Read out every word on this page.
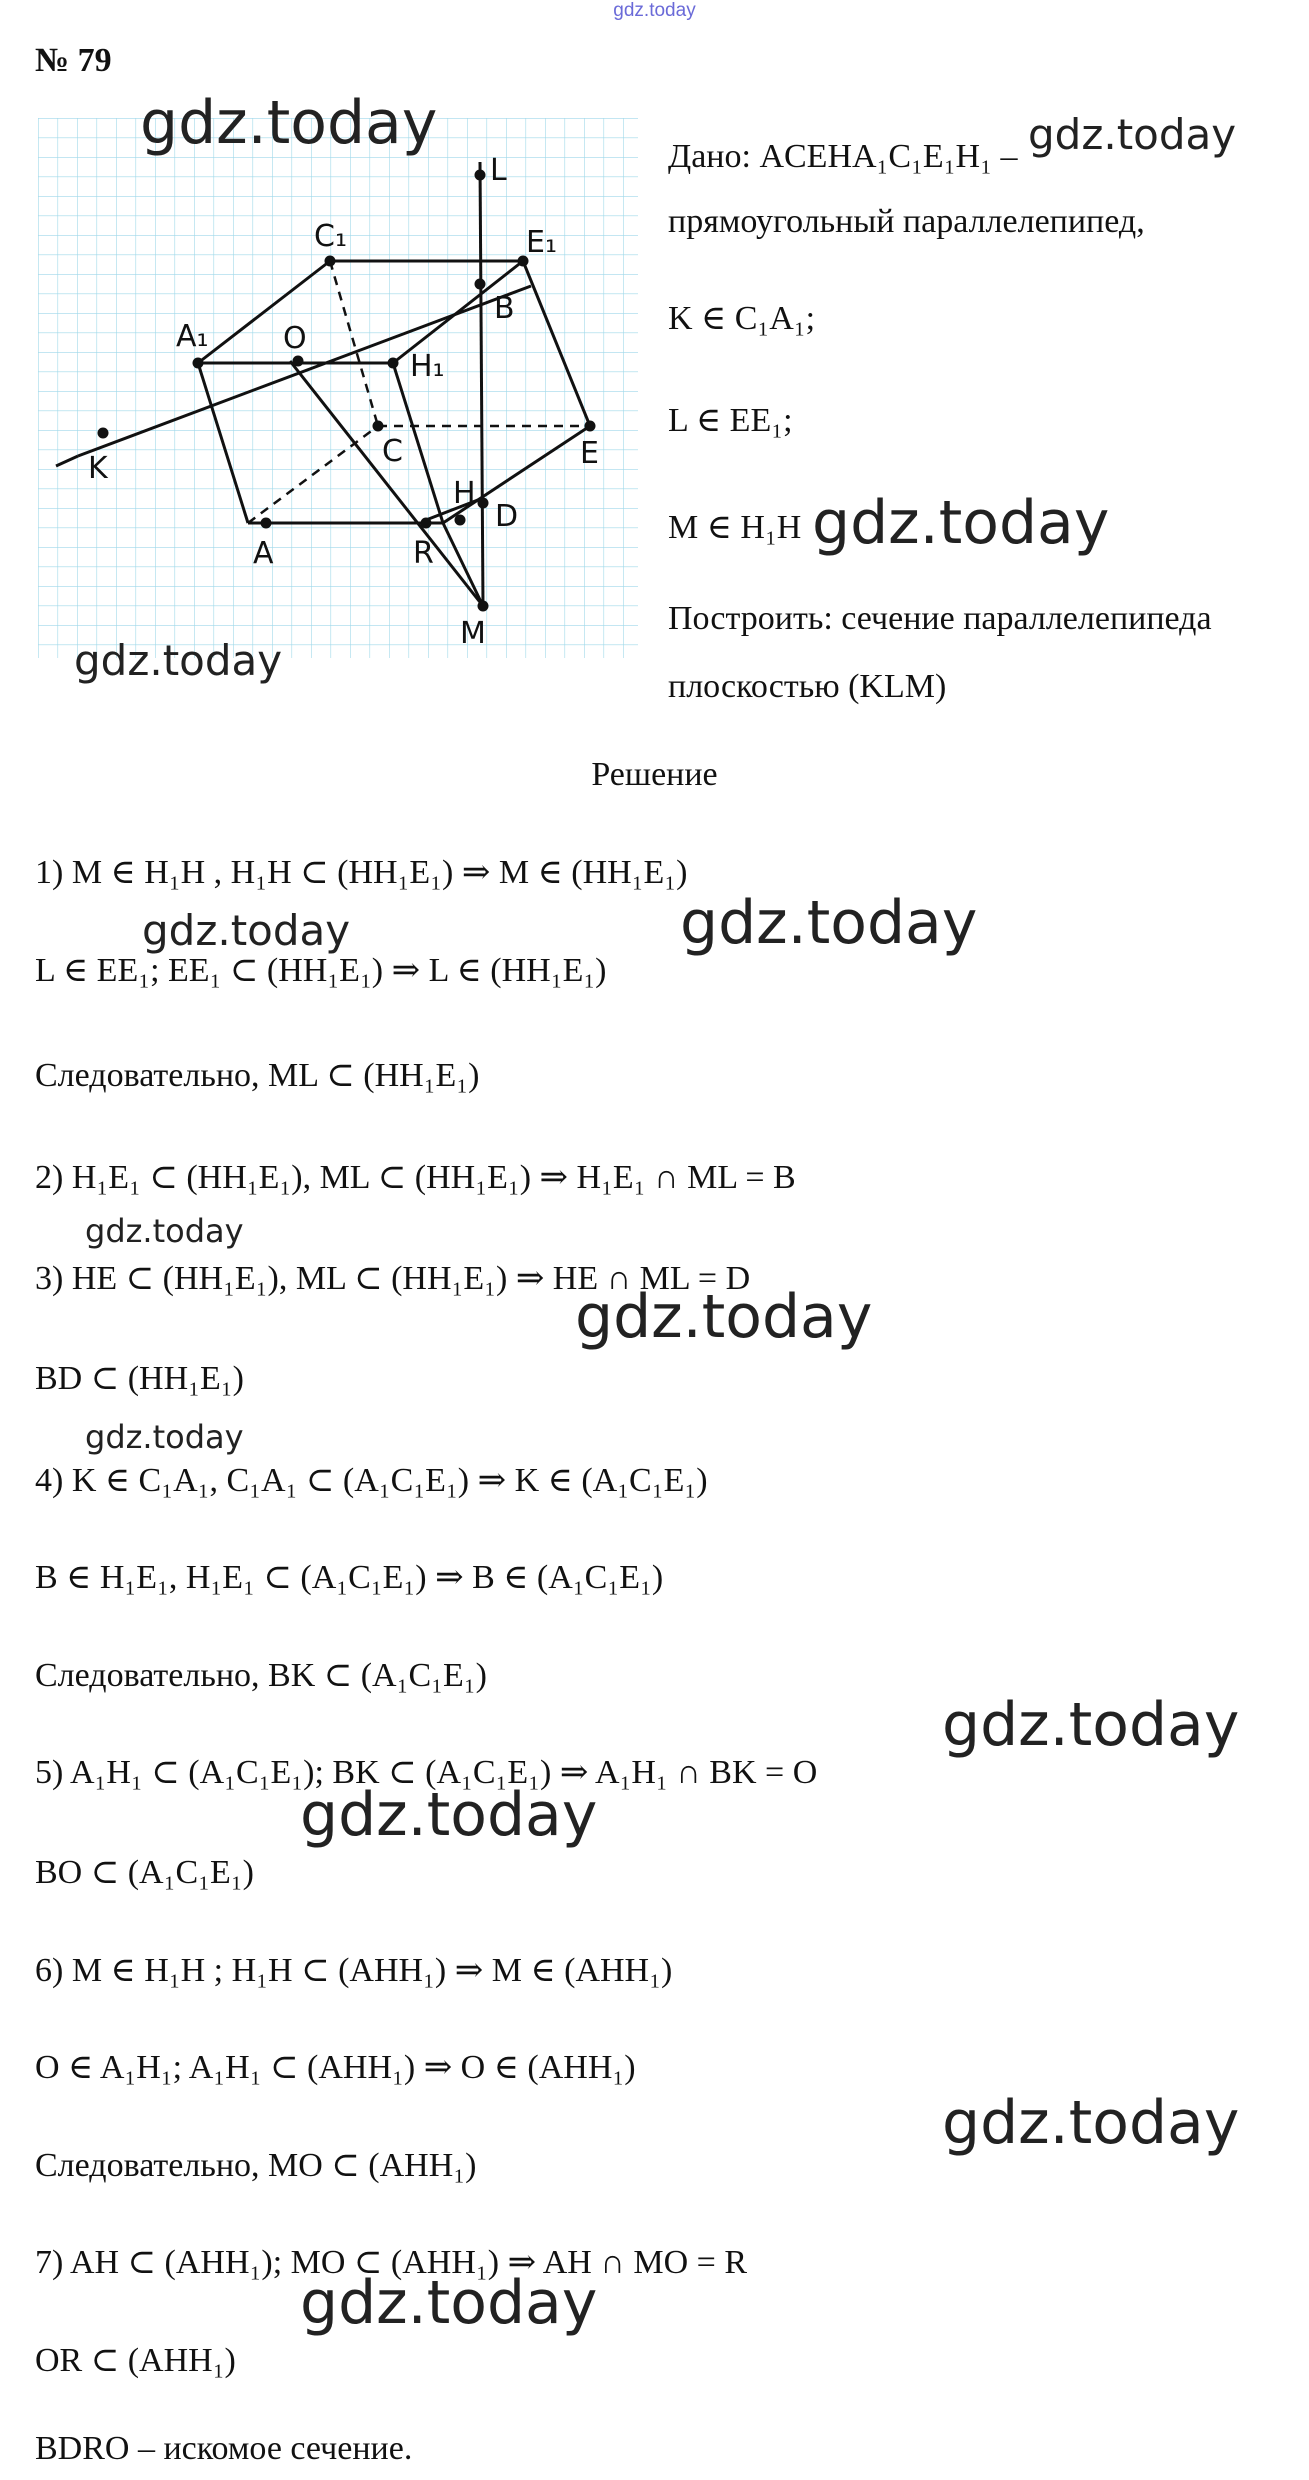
gdz.today
№ 79
L
C₁	E₁
B
A₁ O
H₁
K	C	E
H
D
A	R
M
Дано: ACEHA₁C₁E₁H₁ –
прямоугольный параллелепипед,
K ∈ C₁A₁;
L ∈ EE₁;
M ∈ H₁H
Построить: сечение параллелепипеда
плоскостью (KLM)
Решение
1) M ∈ H₁H , H₁H ⊂ (HH₁E₁) ⇒ M ∈ (HH₁E₁)
L ∈ EE₁; EE₁ ⊂ (HH₁E₁) ⇒ L ∈ (HH₁E₁)
Следовательно, ML ⊂ (HH₁E₁)
2) H₁E₁ ⊂ (HH₁E₁), ML ⊂ (HH₁E₁) ⇒ H₁E₁ ∩ ML = B
3) HE ⊂ (HH₁E₁), ML ⊂ (HH₁E₁) ⇒ HE ∩ ML = D
BD ⊂ (HH₁E₁)
4) K ∈ C₁A₁, C₁A₁ ⊂ (A₁C₁E₁) ⇒ K ∈ (A₁C₁E₁)
B ∈ H₁E₁, H₁E₁ ⊂ (A₁C₁E₁) ⇒ B ∈ (A₁C₁E₁)
Следовательно, BK ⊂ (A₁C₁E₁)
5) A₁H₁ ⊂ (A₁C₁E₁); BK ⊂ (A₁C₁E₁) ⇒ A₁H₁ ∩ BK = O
BO ⊂ (A₁C₁E₁)
6) M ∈ H₁H ; H₁H ⊂ (AHH₁) ⇒ M ∈ (AHH₁)
O ∈ A₁H₁; A₁H₁ ⊂ (AHH₁) ⇒ O ∈ (AHH₁)
Следовательно, MO ⊂ (AHH₁)
7) AH ⊂ (AHH₁); MO ⊂ (AHH₁) ⇒ AH ∩ MO = R
OR ⊂ (AHH₁)
BDRO – искомое сечение.
gdz.today	gdz.today
gdz.today
gdz.today
gdz.today	gdz.today
gdz.today
gdz.today
gdz.today
gdz.today
gdz.today
gdz.today
gdz.today
